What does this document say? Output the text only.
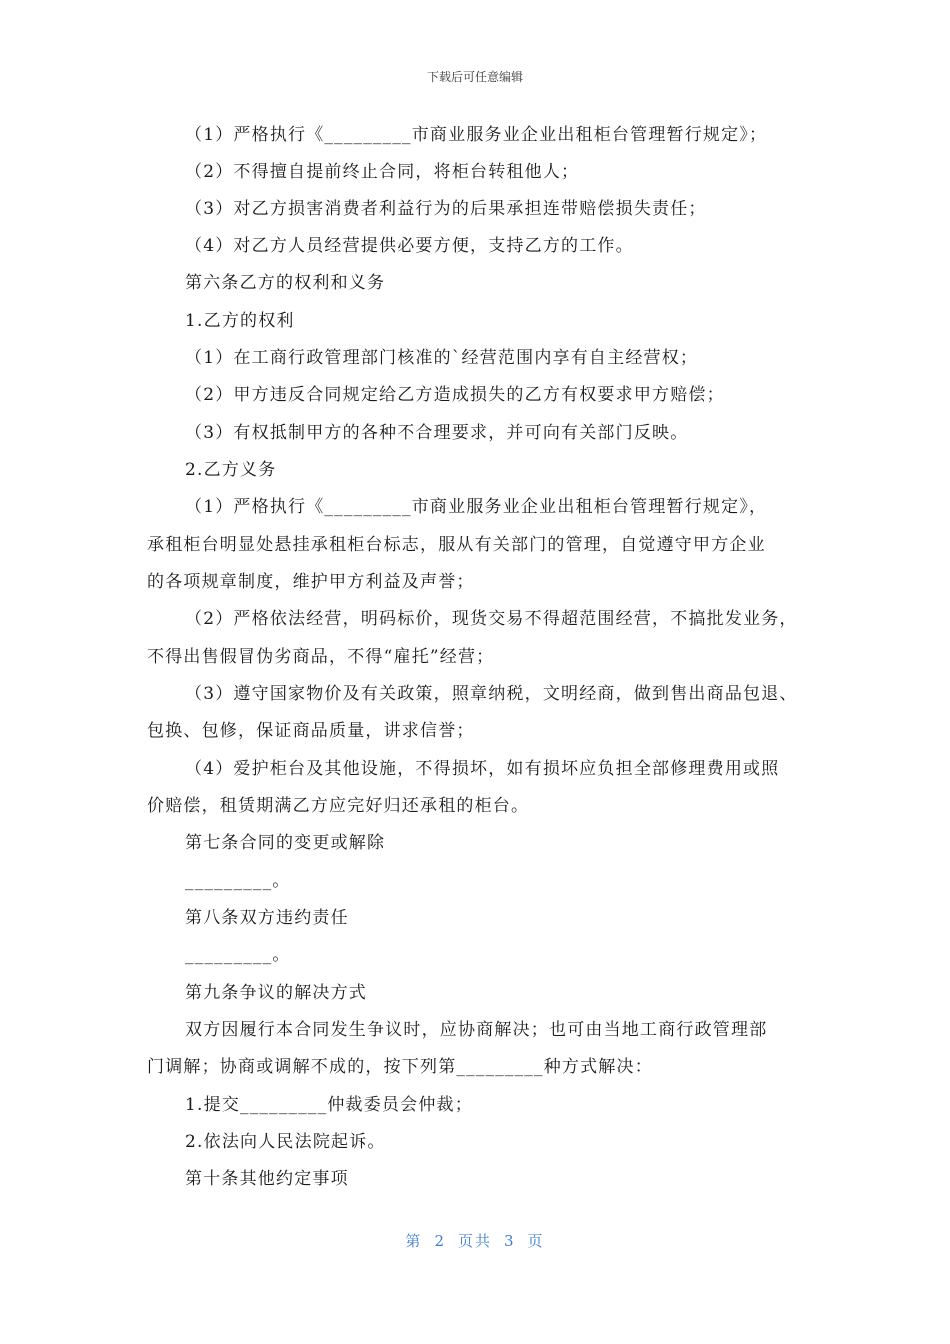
下载后可任意编辑
（1）严格执行《_________市商业服务业企业出租柜台管理暂行规定》；
（2）不得擅自提前终止合同，将柜台转租他人；
（3）对乙方损害消费者利益行为的后果承担连带赔偿损失责任；
（4）对乙方人员经营提供必要方便，支持乙方的工作。
第六条乙方的权利和义务
1.乙方的权利
（1）在工商行政管理部门核准的`经营范围内享有自主经营权；
（2）甲方违反合同规定给乙方造成损失的乙方有权要求甲方赔偿；
（3）有权抵制甲方的各种不合理要求，并可向有关部门反映。
2.乙方义务
（1）严格执行《_________市商业服务业企业出租柜台管理暂行规定》，
承租柜台明显处悬挂承租柜台标志，服从有关部门的管理，自觉遵守甲方企业
的各项规章制度，维护甲方利益及声誉；
（2）严格依法经营，明码标价，现货交易不得超范围经营，不搞批发业务，
不得出售假冒伪劣商品，不得“雇托”经营；
（3）遵守国家物价及有关政策，照章纳税，文明经商，做到售出商品包退、
包换、包修，保证商品质量，讲求信誉；
（4）爱护柜台及其他设施，不得损坏，如有损坏应负担全部修理费用或照
价赔偿，租赁期满乙方应完好归还承租的柜台。
第七条合同的变更或解除
_________。
第八条双方违约责任
_________。
第九条争议的解决方式
双方因履行本合同发生争议时，应协商解决；也可由当地工商行政管理部
门调解；协商或调解不成的，按下列第_________种方式解决：
1.提交_________仲裁委员会仲裁；
2.依法向人民法院起诉。
第十条其他约定事项
第 2 页共 3 页
